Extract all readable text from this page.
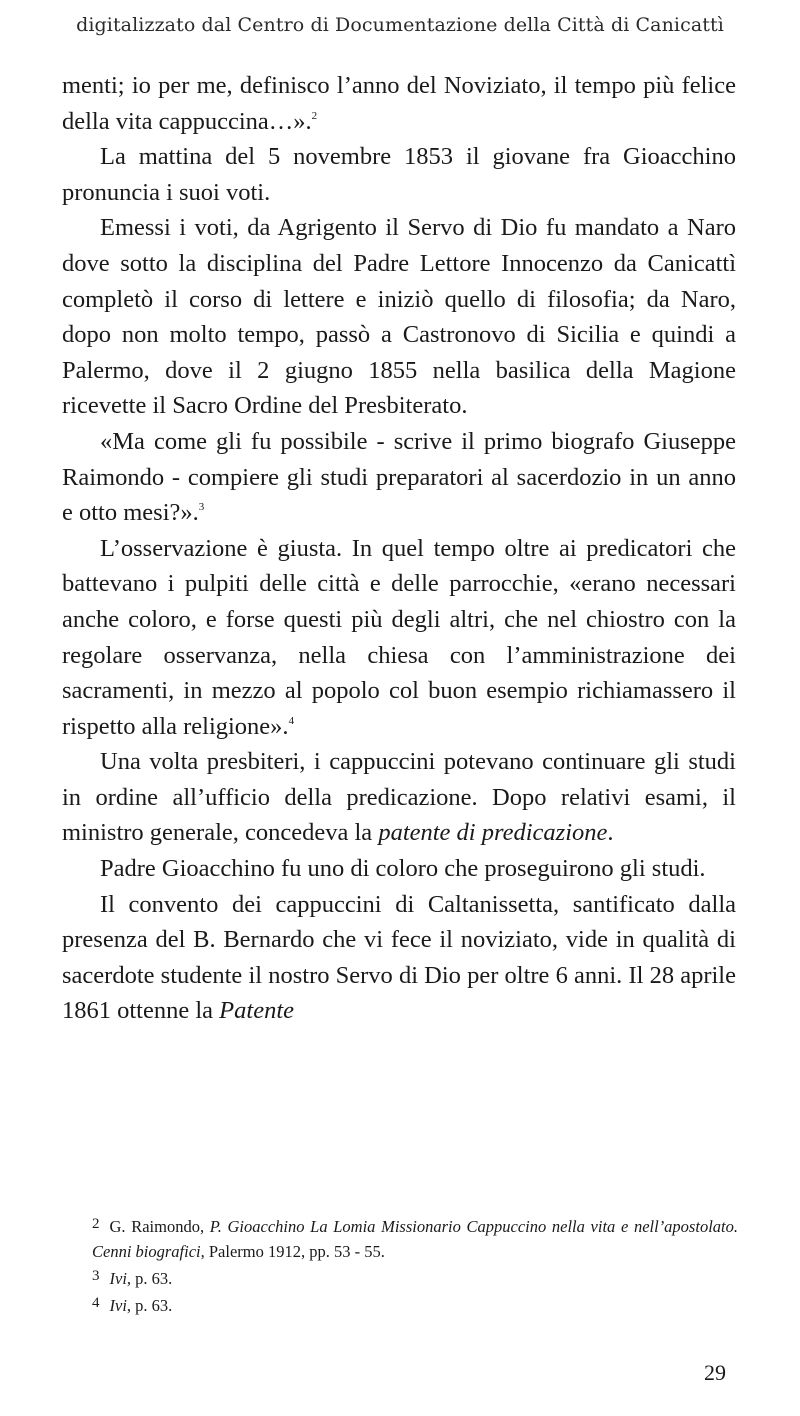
digitalizzato dal Centro di Documentazione della Città di Canicattì

menti; io per me, definisco l’anno del Noviziato, il tempo più felice della vita cappuccina…».$^2$

La mattina del 5 novembre 1853 il giovane fra Gioacchino pronuncia i suoi voti.

Emessi i voti, da Agrigento il Servo di Dio fu mandato a Naro dove sotto la disciplina del Padre Lettore Innocenzo da Canicattì completò il corso di lettere e iniziò quello di filosofia; da Naro, dopo non molto tempo, passò a Castronovo di Sicilia e quindi a Palermo, dove il 2 giugno 1855 nella basilica della Magione ricevette il Sacro Ordine del Presbiterato.

«Ma come gli fu possibile - scrive il primo biografo Giuseppe Raimondo - compiere gli studi preparatori al sacerdozio in un anno e otto mesi?».$^3$

L’osservazione è giusta. In quel tempo oltre ai predicatori che battevano i pulpiti delle città e delle parrocchie, «erano necessari anche coloro, e forse questi più degli altri, che nel chiostro con la regolare osservanza, nella chiesa con l’amministrazione dei sacramenti, in mezzo al popolo col buon esempio richiamassero il rispetto alla religione».$^4$

Una volta presbiteri, i cappuccini potevano continuare gli studi in ordine all’ufficio della predicazione. Dopo relativi esami, il ministro generale, concedeva la patente di predicazione.

Padre Gioacchino fu uno di coloro che proseguirono gli studi.

Il convento dei cappuccini di Caltanissetta, santificato dalla presenza del B. Bernardo che vi fece il noviziato, vide in qualità di sacerdote studente il nostro Servo di Dio per oltre 6 anni. Il 28 aprile 1861 ottenne la Patente

2 G. Raimondo, P. Gioacchino La Lomia Missionario Cappuccino nella vita e nell’apostolato. Cenni biografici, Palermo 1912, pp. 53 - 55.

3 Ivi, p. 63.

4 Ivi, p. 63.

29
